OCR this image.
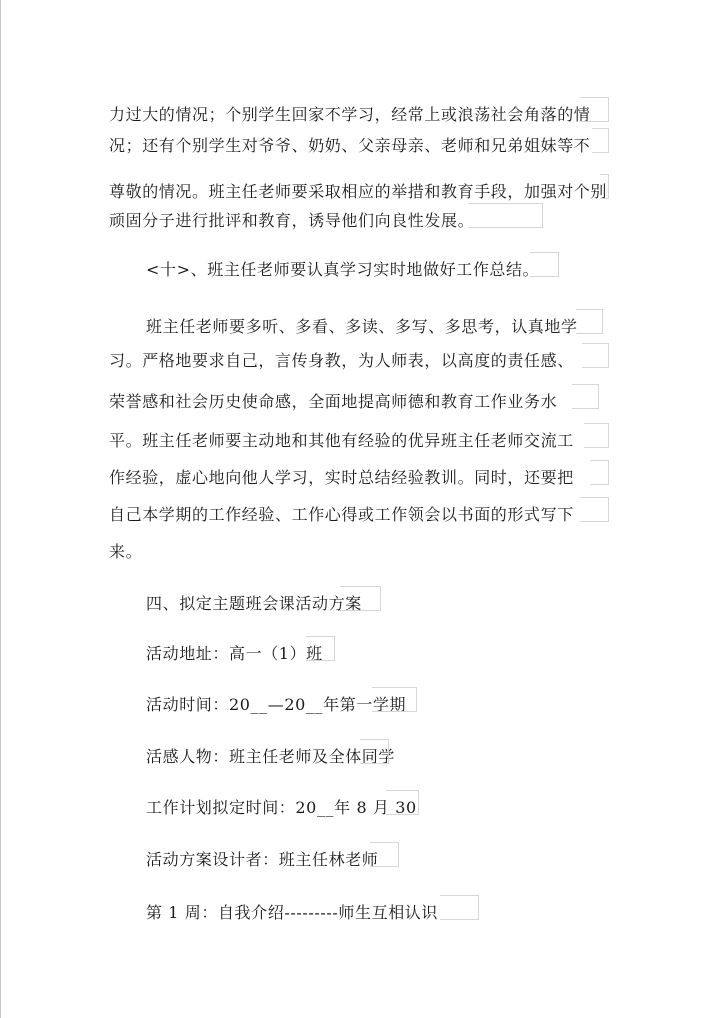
力过大的情况；个别学生回家不学习，经常上或浪荡社会角落的情
况；还有个别学生对爷爷、奶奶、父亲母亲、老师和兄弟姐妹等不
尊敬的情况。班主任老师要采取相应的举措和教育手段，加强对个别
顽固分子进行批评和教育，诱导他们向良性发展。
<十>、班主任老师要认真学习实时地做好工作总结。
班主任老师要多听、多看、多读、多写、多思考，认真地学
习。严格地要求自己，言传身教，为人师表，以高度的责任感、
荣誉感和社会历史使命感，全面地提高师德和教育工作业务水
平。班主任老师要主动地和其他有经验的优异班主任老师交流工
作经验，虚心地向他人学习，实时总结经验教训。同时，还要把
自己本学期的工作经验、工作心得或工作领会以书面的形式写下
来。
四、拟定主题班会课活动方案
活动地址：高一（1）班
活动时间：20__—20__年第一学期
活感人物：班主任老师及全体同学
工作计划拟定时间：20__年 8 月 30
活动方案设计者：班主任林老师
第 1 周：自我介绍---------师生互相认识
